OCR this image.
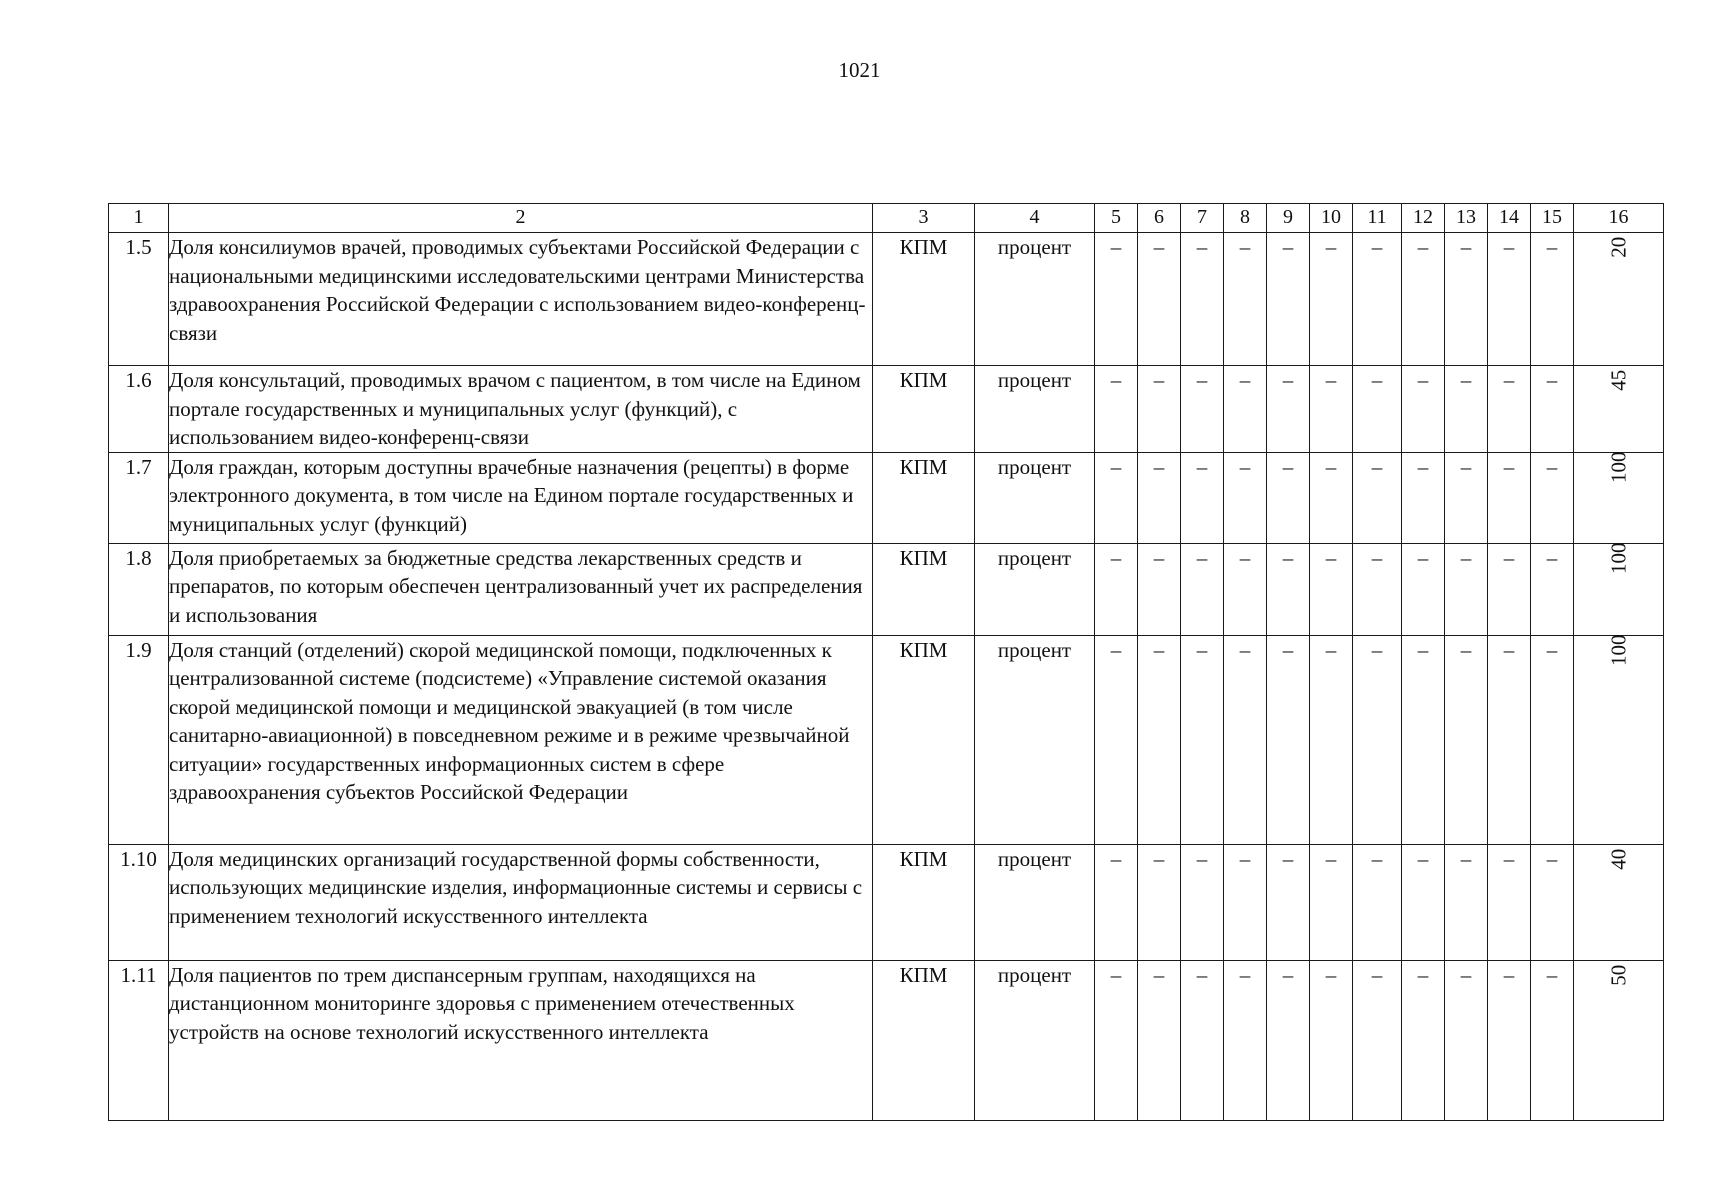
1021
1	2	3	4	5	6	7	8	9	10	11	12	13	14	15	16
1.5	Доля консилиумов врачей, проводимых субъектами Российской Федерации с национальными медицинскими исследовательскими центрами Министерства здравоохранения Российской Федерации с использованием видео-конференц-связи	КПМ	процент	–	–	–	–	–	–	–	–	–	–	–	20
1.6	Доля консультаций, проводимых врачом с пациентом, в том числе на Едином портале государственных и муниципальных услуг (функций), с использованием видео-конференц-связи	КПМ	процент	–	–	–	–	–	–	–	–	–	–	–	45
1.7	Доля граждан, которым доступны врачебные назначения (рецепты) в форме электронного документа, в том числе на Едином портале государственных и муниципальных услуг (функций)	КПМ	процент	–	–	–	–	–	–	–	–	–	–	–	100
1.8	Доля приобретаемых за бюджетные средства лекарственных средств и препаратов, по которым обеспечен централизованный учет их распределения и использования	КПМ	процент	–	–	–	–	–	–	–	–	–	–	–	100
1.9	Доля станций (отделений) скорой медицинской помощи, подключенных к централизованной системе (подсистеме) «Управление системой оказания скорой медицинской помощи и медицинской эвакуацией (в том числе санитарно-авиационной) в повседневном режиме и в режиме чрезвычайной ситуации» государственных информационных систем в сфере здравоохранения субъектов Российской Федерации	КПМ	процент	–	–	–	–	–	–	–	–	–	–	–	100
1.10	Доля медицинских организаций государственной формы собственности, использующих медицинские изделия, информационные системы и сервисы с применением технологий искусственного интеллекта	КПМ	процент	–	–	–	–	–	–	–	–	–	–	–	40
1.11	Доля пациентов по трем диспансерным группам, находящихся на дистанционном мониторинге здоровья с применением отечественных устройств на основе технологий искусственного интеллекта	КПМ	процент	–	–	–	–	–	–	–	–	–	–	–	50
